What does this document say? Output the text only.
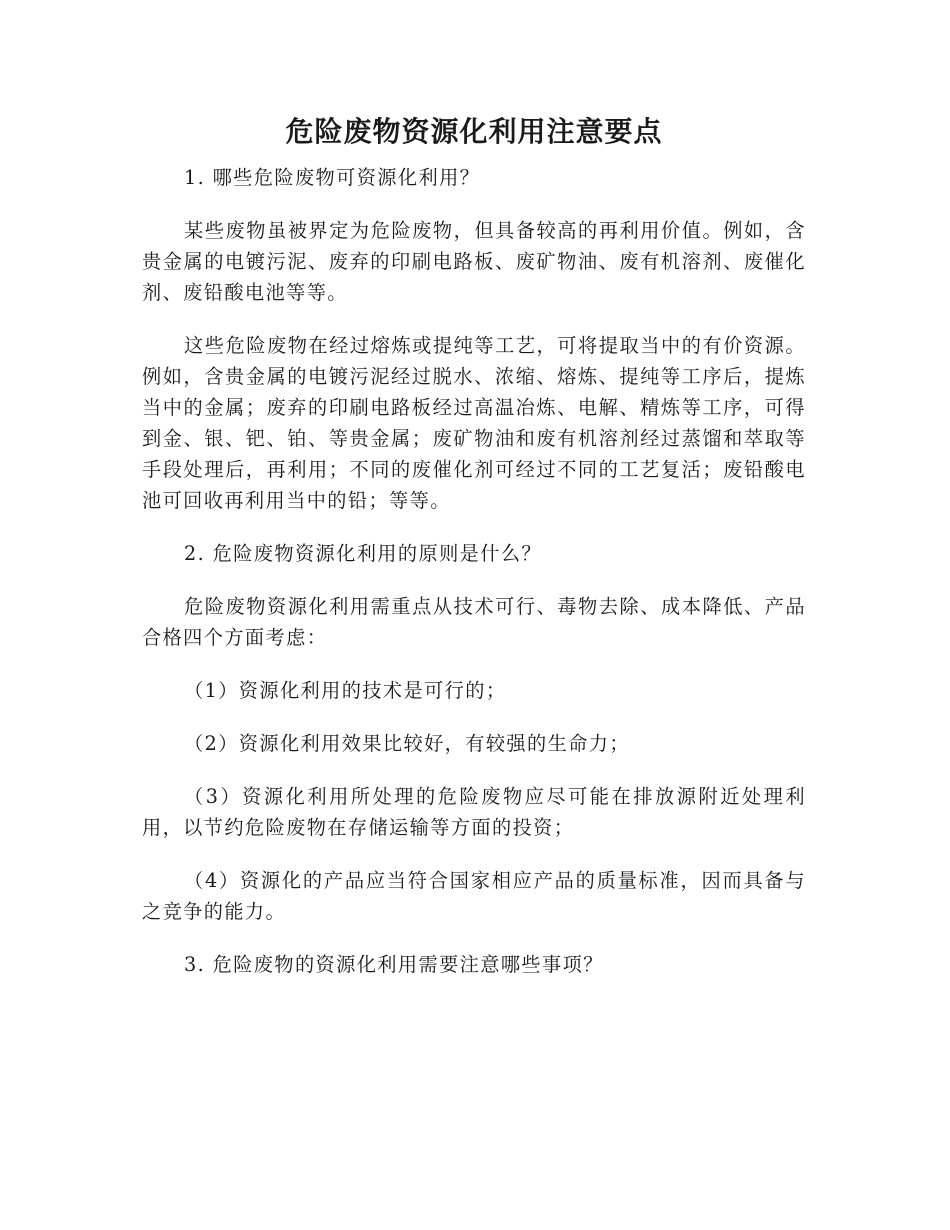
危险废物资源化利用注意要点

1. 哪些危险废物可资源化利用？

某些废物虽被界定为危险废物，但具备较高的再利用价值。例如，含贵金属的电镀污泥、废弃的印刷电路板、废矿物油、废有机溶剂、废催化剂、废铅酸电池等等。

这些危险废物在经过熔炼或提纯等工艺，可将提取当中的有价资源。例如，含贵金属的电镀污泥经过脱水、浓缩、熔炼、提纯等工序后，提炼当中的金属；废弃的印刷电路板经过高温冶炼、电解、精炼等工序，可得到金、银、钯、铂、等贵金属；废矿物油和废有机溶剂经过蒸馏和萃取等手段处理后，再利用；不同的废催化剂可经过不同的工艺复活；废铅酸电池可回收再利用当中的铅；等等。

2. 危险废物资源化利用的原则是什么？

危险废物资源化利用需重点从技术可行、毒物去除、成本降低、产品合格四个方面考虑：

（1）资源化利用的技术是可行的；

（2）资源化利用效果比较好，有较强的生命力；

（3）资源化利用所处理的危险废物应尽可能在排放源附近处理利用，以节约危险废物在存储运输等方面的投资；

（4）资源化的产品应当符合国家相应产品的质量标准，因而具备与之竞争的能力。

3. 危险废物的资源化利用需要注意哪些事项？
